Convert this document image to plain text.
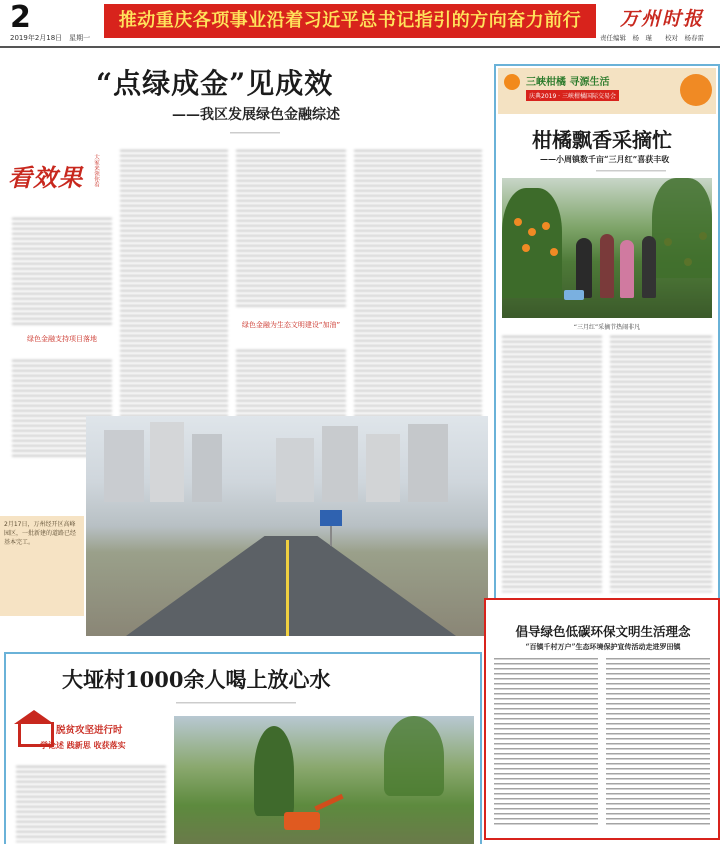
2
2019年2月18日　星期一
推动重庆各项事业沿着习近平总书记指引的方向奋力前行	万州时报
责任编辑　杨　瑾　　校对　杨春雷
“点绿成金”见成效
——我区发展绿色金融综述
看效果 大家来领你看
绿色金融支持项目落地
绿色金融为生态文明建设“加油”
三峡柑橘 寻源生活
庆典2019 · 三峡柑橘国际交易会
柑橘飘香采摘忙
——小周镇数千亩“三月红”喜获丰收
“三月红”采摘节热闹非凡
2月17日，万州经开区高峰园区，一批新建的道路已经基本完工。
倡导绿色低碳环保文明生活理念
“百镇千村万户”生态环境保护宣传活动走进罗田镇
大垭村1000余人喝上放心水
脱贫攻坚进行时
学论述 践新思 收获落实
